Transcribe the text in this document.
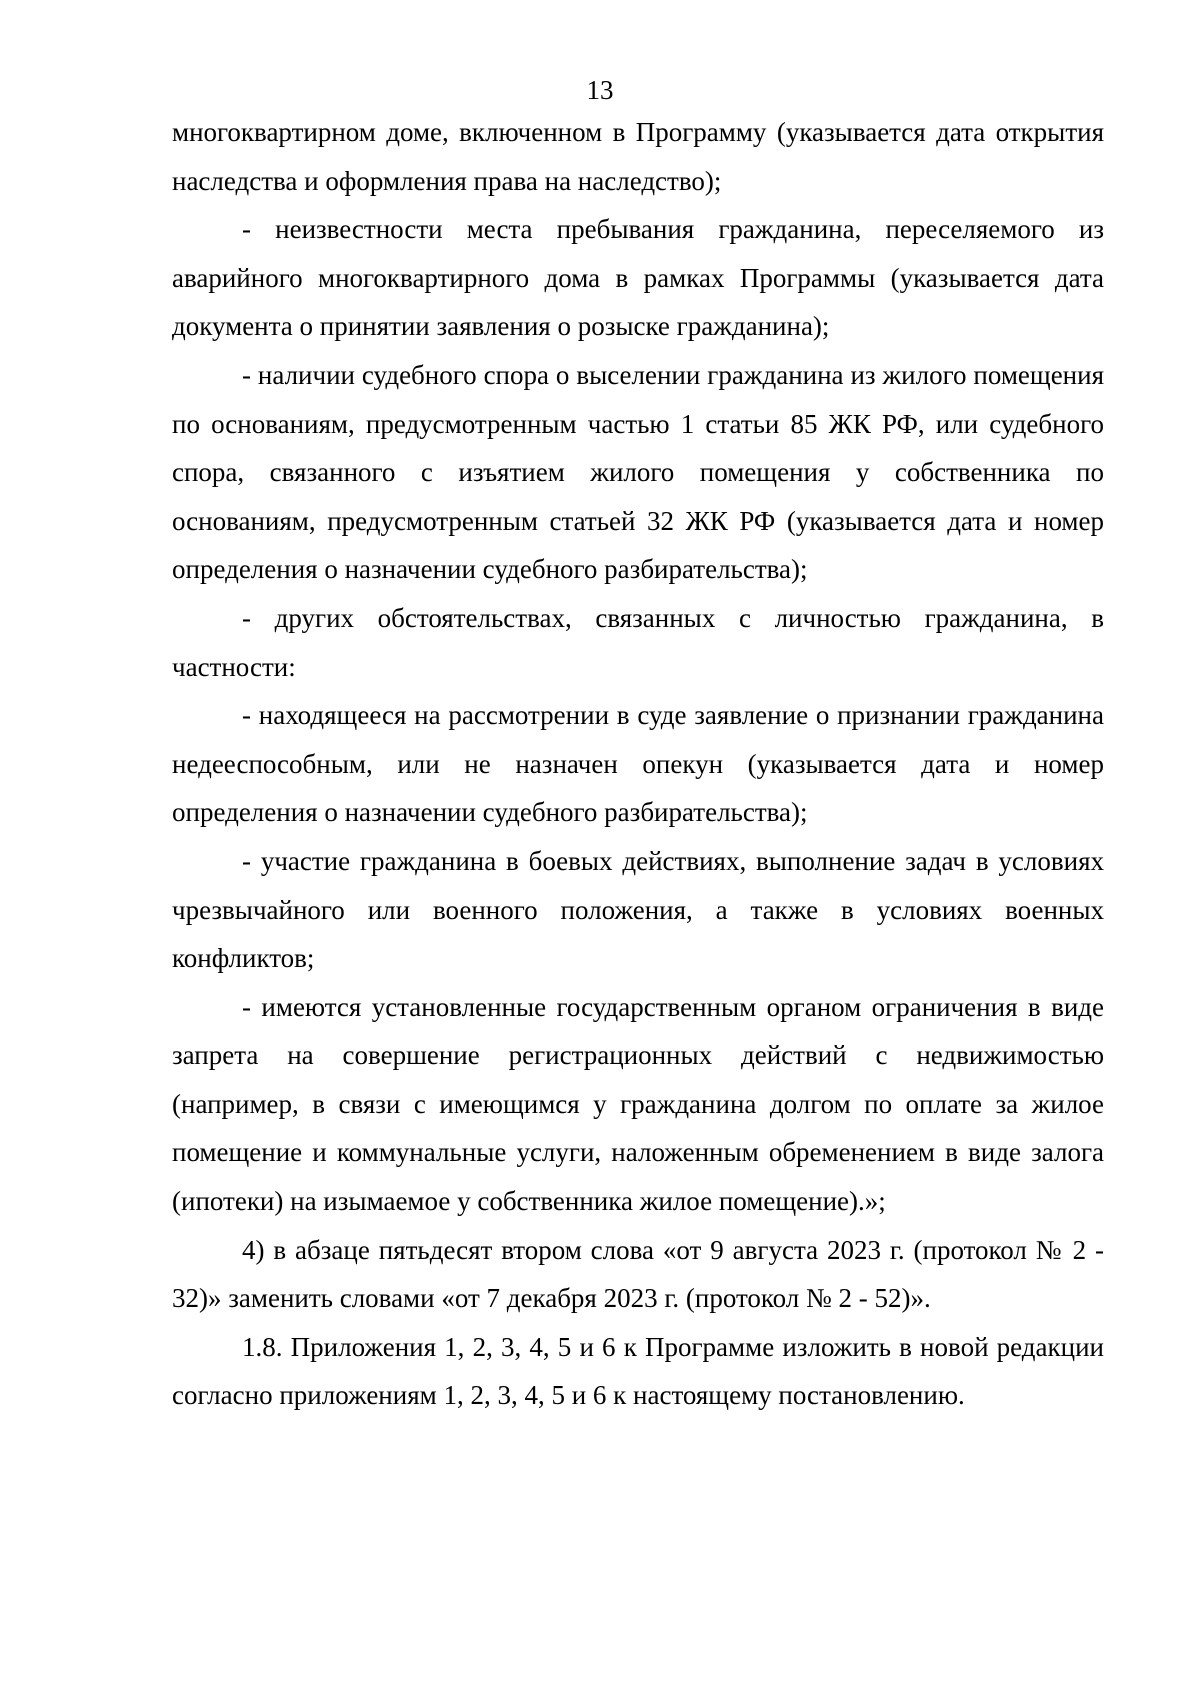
13

многоквартирном доме, включенном в Программу (указывается дата открытия наследства и оформления права на наследство);

- неизвестности места пребывания гражданина, переселяемого из аварийного многоквартирного дома в рамках Программы (указывается дата документа о принятии заявления о розыске гражданина);

- наличии судебного спора о выселении гражданина из жилого помещения по основаниям, предусмотренным частью 1 статьи 85 ЖК РФ, или судебного спора, связанного с изъятием жилого помещения у собственника по основаниям, предусмотренным статьей 32 ЖК РФ (указывается дата и номер определения о назначении судебного разбирательства);

- других обстоятельствах, связанных с личностью гражданина, в частности:

- находящееся на рассмотрении в суде заявление о признании гражданина недееспособным, или не назначен опекун (указывается дата и номер определения о назначении судебного разбирательства);

- участие гражданина в боевых действиях, выполнение задач в условиях чрезвычайного или военного положения, а также в условиях военных конфликтов;

- имеются установленные государственным органом ограничения в виде запрета на совершение регистрационных действий с недвижимостью (например, в связи с имеющимся у гражданина долгом по оплате за жилое помещение и коммунальные услуги, наложенным обременением в виде залога (ипотеки) на изымаемое у собственника жилое помещение).»;

4) в абзаце пятьдесят втором слова «от 9 августа 2023 г. (протокол № 2 - 32)» заменить словами «от 7 декабря 2023 г. (протокол № 2 - 52)».

1.8. Приложения 1, 2, 3, 4, 5 и 6 к Программе изложить в новой редакции согласно приложениям 1, 2, 3, 4, 5 и 6 к настоящему постановлению.
